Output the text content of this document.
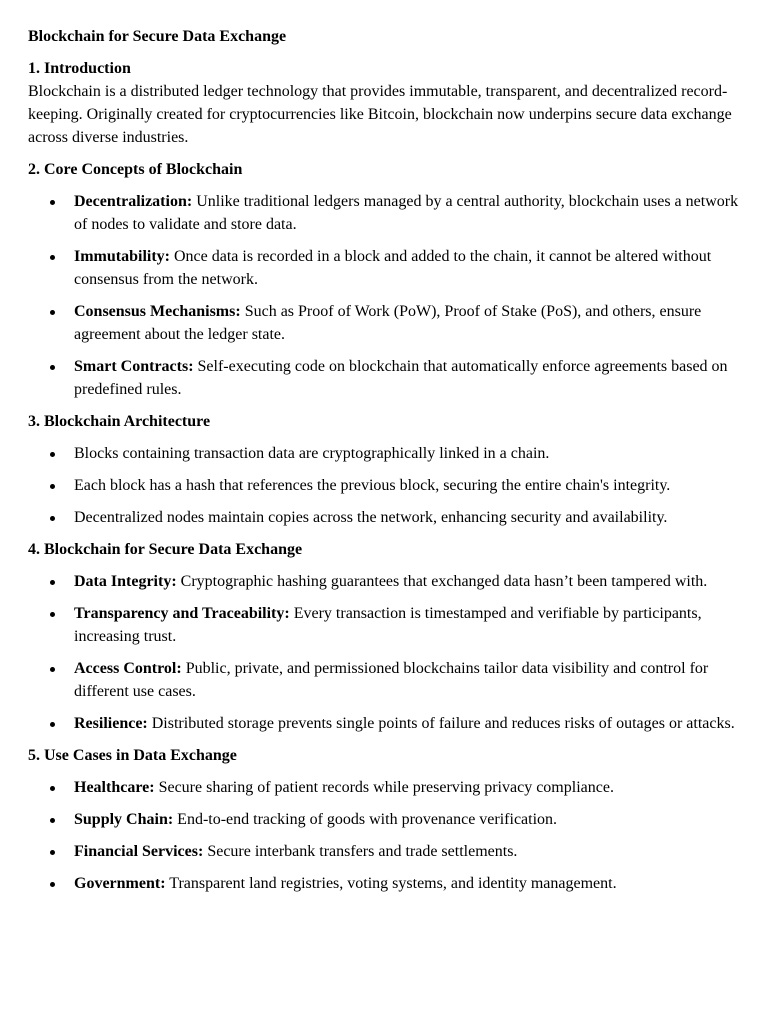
Blockchain for Secure Data Exchange
1. Introduction
Blockchain is a distributed ledger technology that provides immutable, transparent, and decentralized record-keeping. Originally created for cryptocurrencies like Bitcoin, blockchain now underpins secure data exchange across diverse industries.
2. Core Concepts of Blockchain
Decentralization: Unlike traditional ledgers managed by a central authority, blockchain uses a network of nodes to validate and store data.
Immutability: Once data is recorded in a block and added to the chain, it cannot be altered without consensus from the network.
Consensus Mechanisms: Such as Proof of Work (PoW), Proof of Stake (PoS), and others, ensure agreement about the ledger state.
Smart Contracts: Self-executing code on blockchain that automatically enforce agreements based on predefined rules.
3. Blockchain Architecture
Blocks containing transaction data are cryptographically linked in a chain.
Each block has a hash that references the previous block, securing the entire chain's integrity.
Decentralized nodes maintain copies across the network, enhancing security and availability.
4. Blockchain for Secure Data Exchange
Data Integrity: Cryptographic hashing guarantees that exchanged data hasn’t been tampered with.
Transparency and Traceability: Every transaction is timestamped and verifiable by participants, increasing trust.
Access Control: Public, private, and permissioned blockchains tailor data visibility and control for different use cases.
Resilience: Distributed storage prevents single points of failure and reduces risks of outages or attacks.
5. Use Cases in Data Exchange
Healthcare: Secure sharing of patient records while preserving privacy compliance.
Supply Chain: End-to-end tracking of goods with provenance verification.
Financial Services: Secure interbank transfers and trade settlements.
Government: Transparent land registries, voting systems, and identity management.
